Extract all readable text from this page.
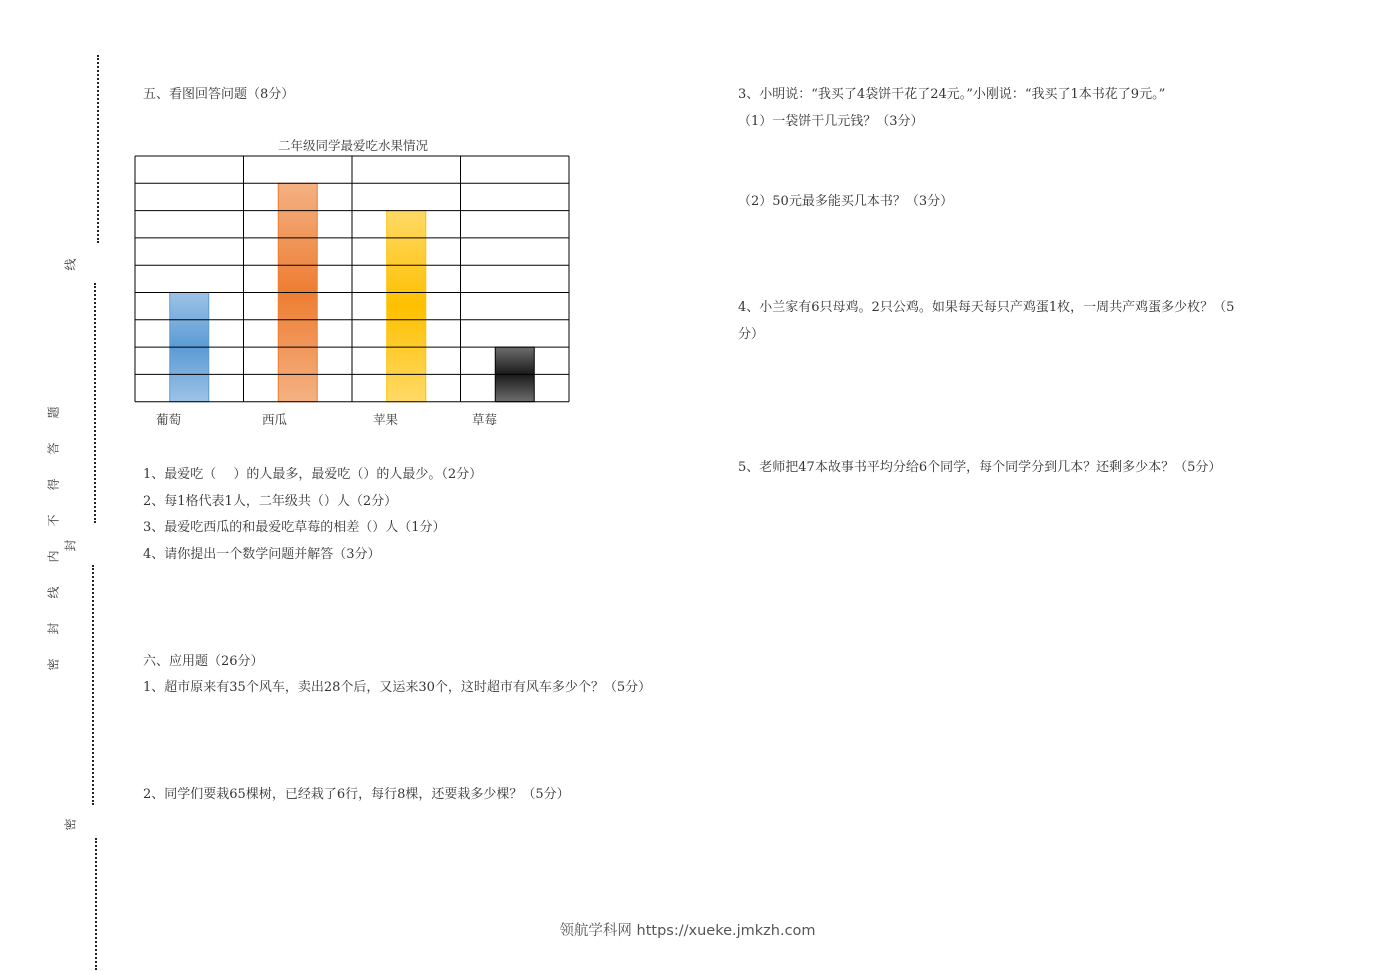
线
题
答
得
不
内
线
封
密
封
密
五、看图回答问题（8分）
二年级同学最爱吃水果情况
葡萄	西瓜	苹果	草莓
1、最爱吃（　 ）的人最多，最爱吃（）的人最少。（2分）
2、每1格代表1人，二年级共（）人（2分）
3、最爱吃西瓜的和最爱吃草莓的相差（）人（1分）
4、请你提出一个数学问题并解答（3分）
六、应用题（26分）
1、超市原来有35个风车，卖出28个后，又运来30个，这时超市有风车多少个？（5分）
2、同学们要栽65棵树，已经栽了6行，每行8棵，还要栽多少棵？（5分）
3、小明说：“我买了4袋饼干花了24元。”小刚说：“我买了1本书花了9元。”
（1）一袋饼干几元钱？（3分）
（2）50元最多能买几本书？（3分）
4、小兰家有6只母鸡。2只公鸡。如果每天每只产鸡蛋1枚，一周共产鸡蛋多少枚？（5
分）
5、老师把47本故事书平均分给6个同学，每个同学分到几本？还剩多少本？（5分）
领航学科网 https://xueke.jmkzh.com
